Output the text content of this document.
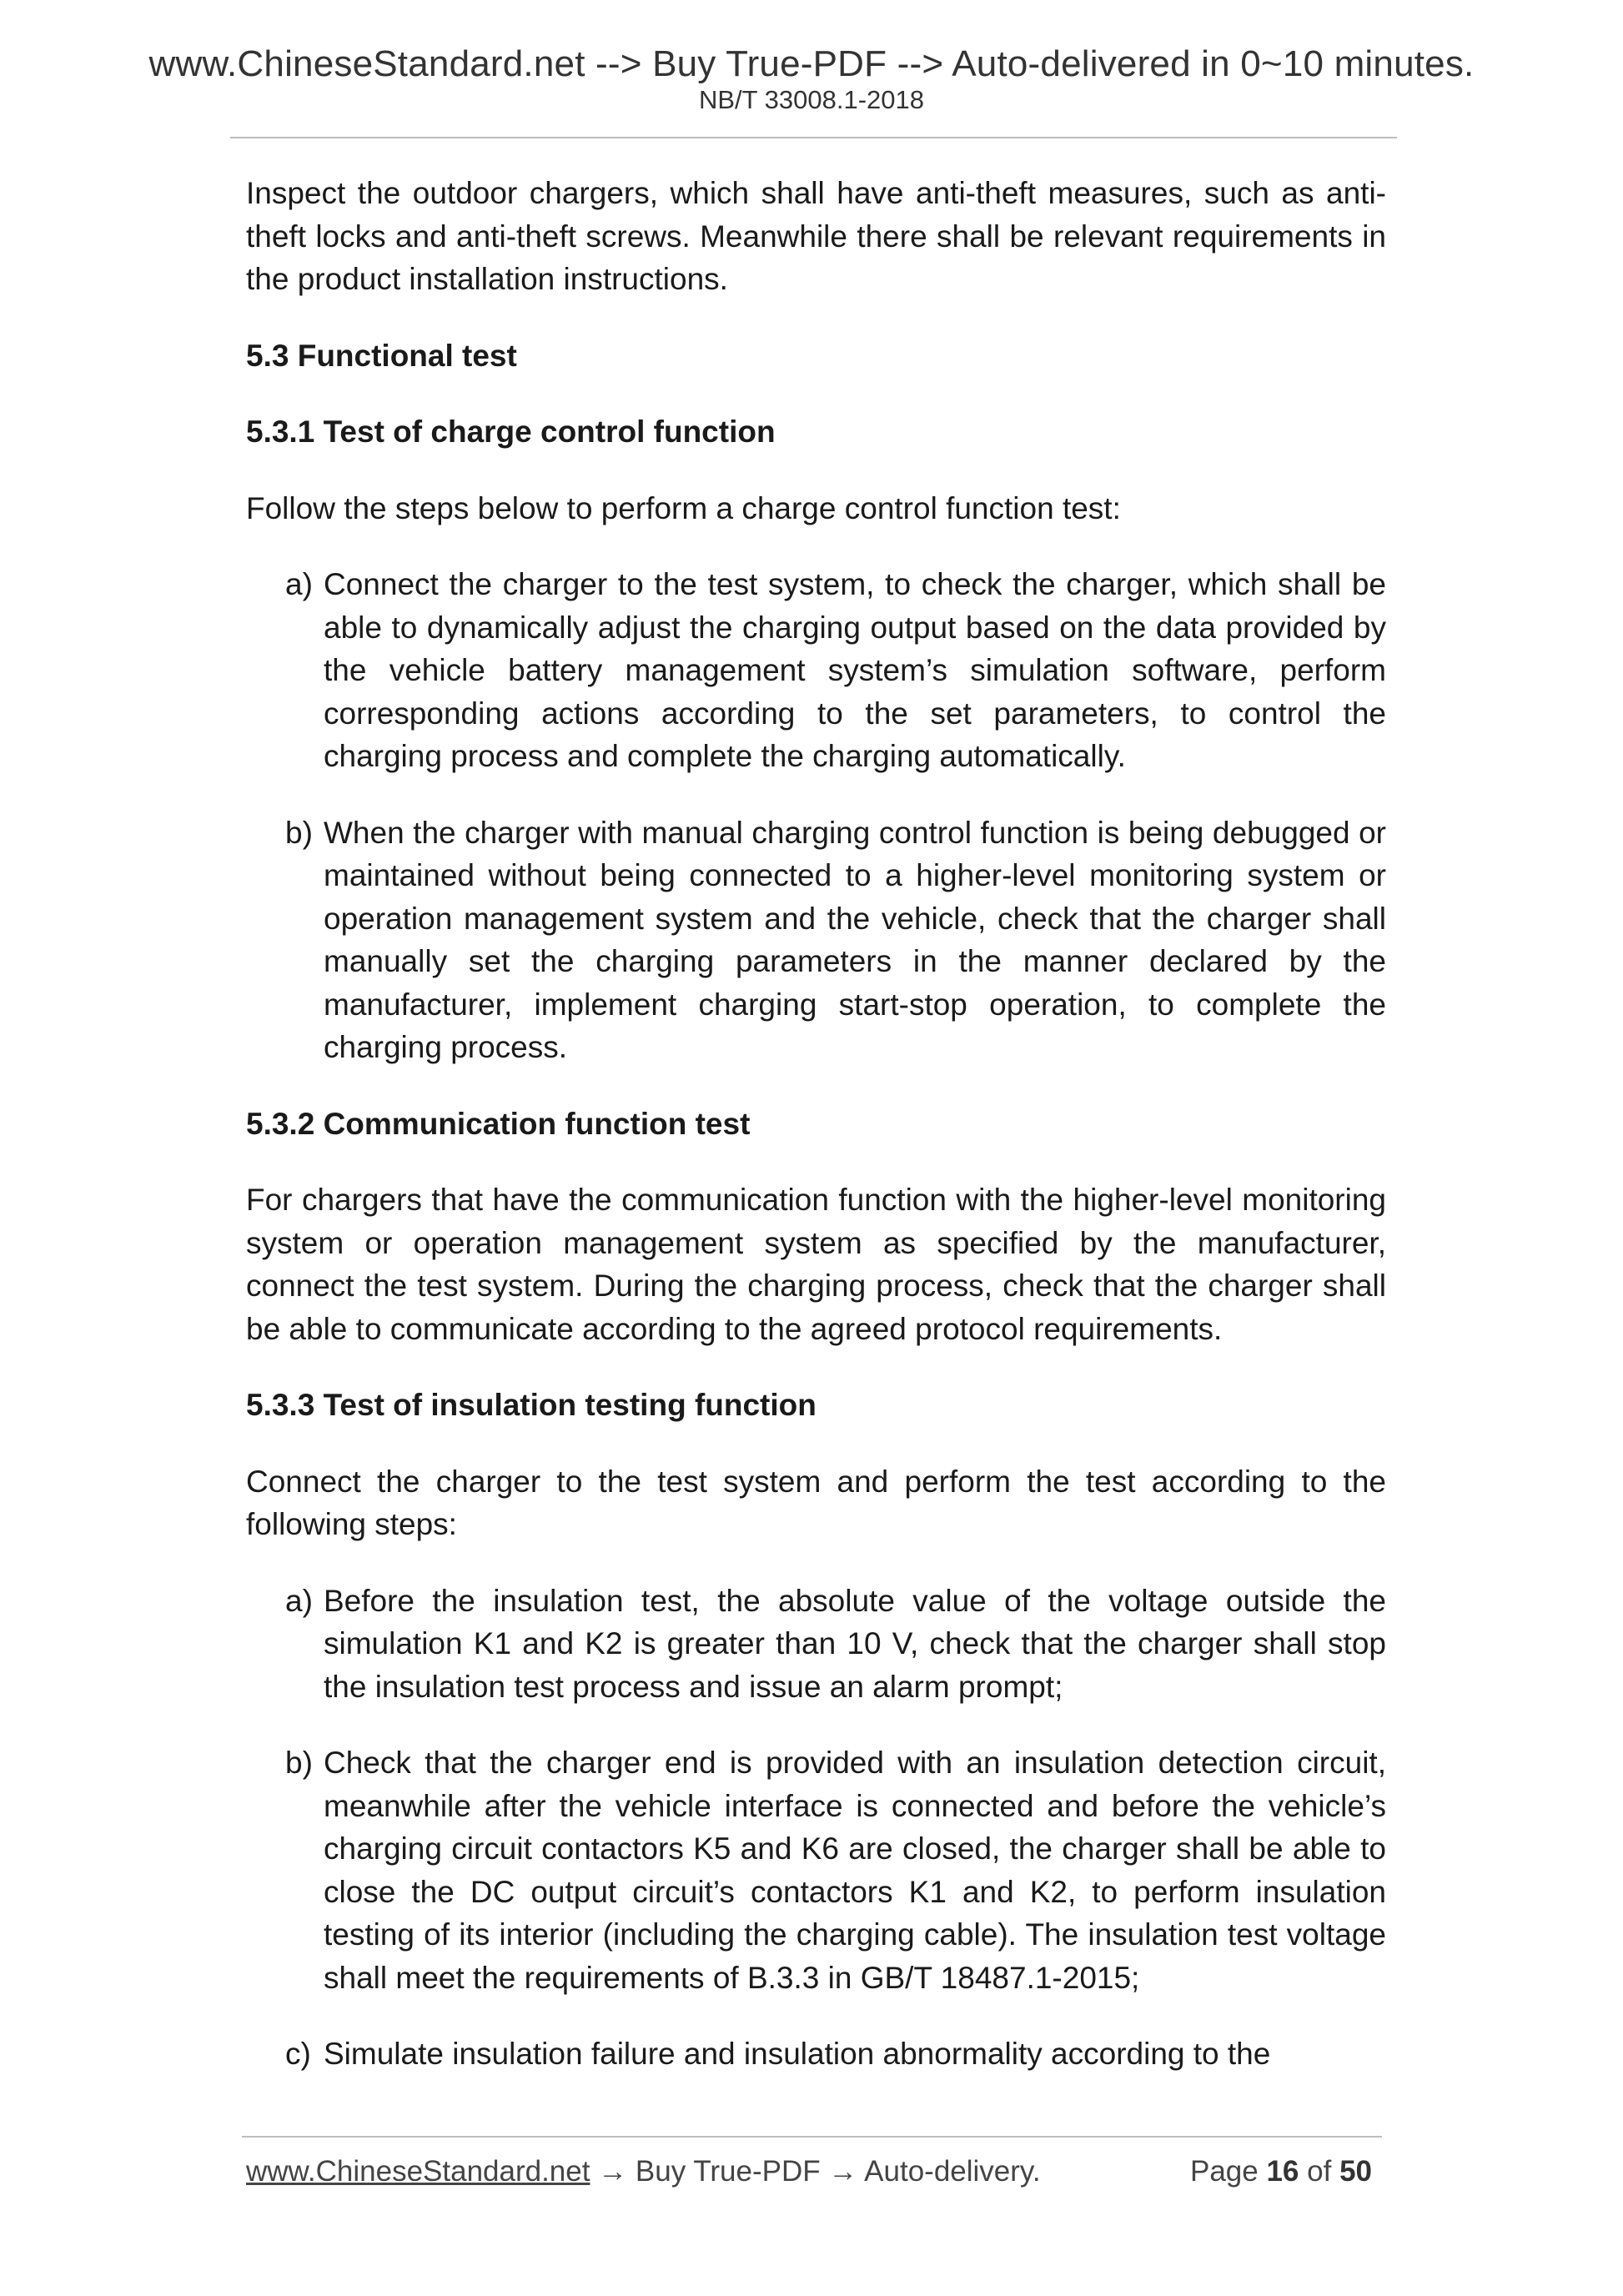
www.ChineseStandard.net --> Buy True-PDF --> Auto-delivered in 0~10 minutes.
NB/T 33008.1-2018

Inspect the outdoor chargers, which shall have anti-theft measures, such as anti-theft locks and anti-theft screws. Meanwhile there shall be relevant requirements in the product installation instructions.

5.3 Functional test
5.3.1 Test of charge control function

Follow the steps below to perform a charge control function test:

a) Connect the charger to the test system, to check the charger, which shall be able to dynamically adjust the charging output based on the data provided by the vehicle battery management system’s simulation software, perform corresponding actions according to the set parameters, to control the charging process and complete the charging automatically.
b) When the charger with manual charging control function is being debugged or maintained without being connected to a higher-level monitoring system or operation management system and the vehicle, check that the charger shall manually set the charging parameters in the manner declared by the manufacturer, implement charging start-stop operation, to complete the charging process.
5.3.2 Communication function test

For chargers that have the communication function with the higher-level monitoring system or operation management system as specified by the manufacturer, connect the test system. During the charging process, check that the charger shall be able to communicate according to the agreed protocol requirements.

5.3.3 Test of insulation testing function

Connect the charger to the test system and perform the test according to the following steps:

a) Before the insulation test, the absolute value of the voltage outside the simulation K1 and K2 is greater than 10 V, check that the charger shall stop the insulation test process and issue an alarm prompt;
b) Check that the charger end is provided with an insulation detection circuit, meanwhile after the vehicle interface is connected and before the vehicle’s charging circuit contactors K5 and K6 are closed, the charger shall be able to close the DC output circuit’s contactors K1 and K2, to perform insulation testing of its interior (including the charging cable). The insulation test voltage shall meet the requirements of B.3.3 in GB/T 18487.1-2015;
c) Simulate insulation failure and insulation abnormality according to the
www.ChineseStandard.net → Buy True-PDF → Auto-delivery.	Page 16 of 50
